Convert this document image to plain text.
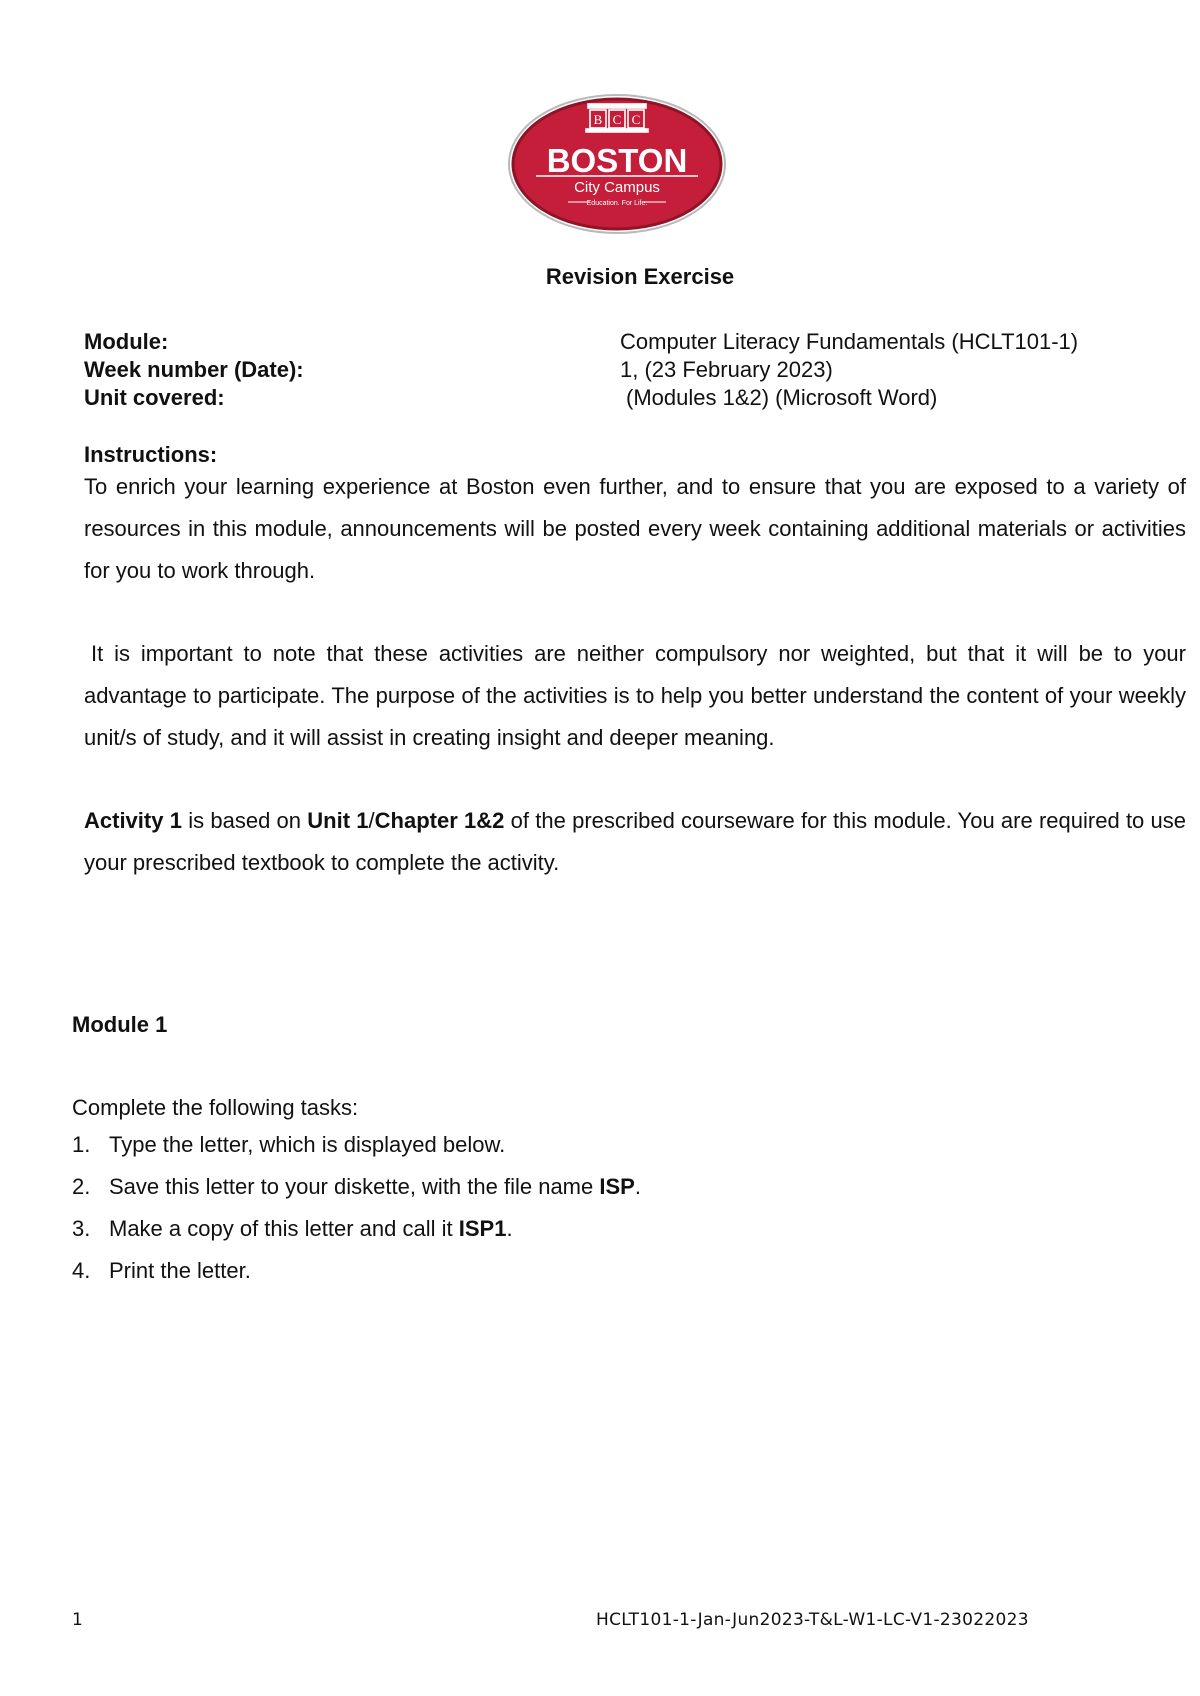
B C C
BOSTON
City Campus
Education. For Life.
Revision Exercise
Module:	Computer Literacy Fundamentals (HCLT101-1)
Week number (Date):	1, (23 February 2023)
Unit covered:	(Modules 1&2) (Microsoft Word)
Instructions:

To enrich your learning experience at Boston even further, and to ensure that you are exposed to a variety of resources in this module, announcements will be posted every week containing additional materials or activities for you to work through.

It is important to note that these activities are neither compulsory nor weighted, but that it will be to your advantage to participate. The purpose of the activities is to help you better understand the content of your weekly unit/s of study, and it will assist in creating insight and deeper meaning.

Activity 1 is based on Unit 1/Chapter 1&2 of the prescribed courseware for this module. You are required to use your prescribed textbook to complete the activity.

Module 1
Complete the following tasks:
1. Type the letter, which is displayed below.
2. Save this letter to your diskette, with the file name ISP.
3. Make a copy of this letter and call it ISP1.
4. Print the letter.
1	HCLT101-1-Jan-Jun2023-T&L-W1-LC-V1-23022023
